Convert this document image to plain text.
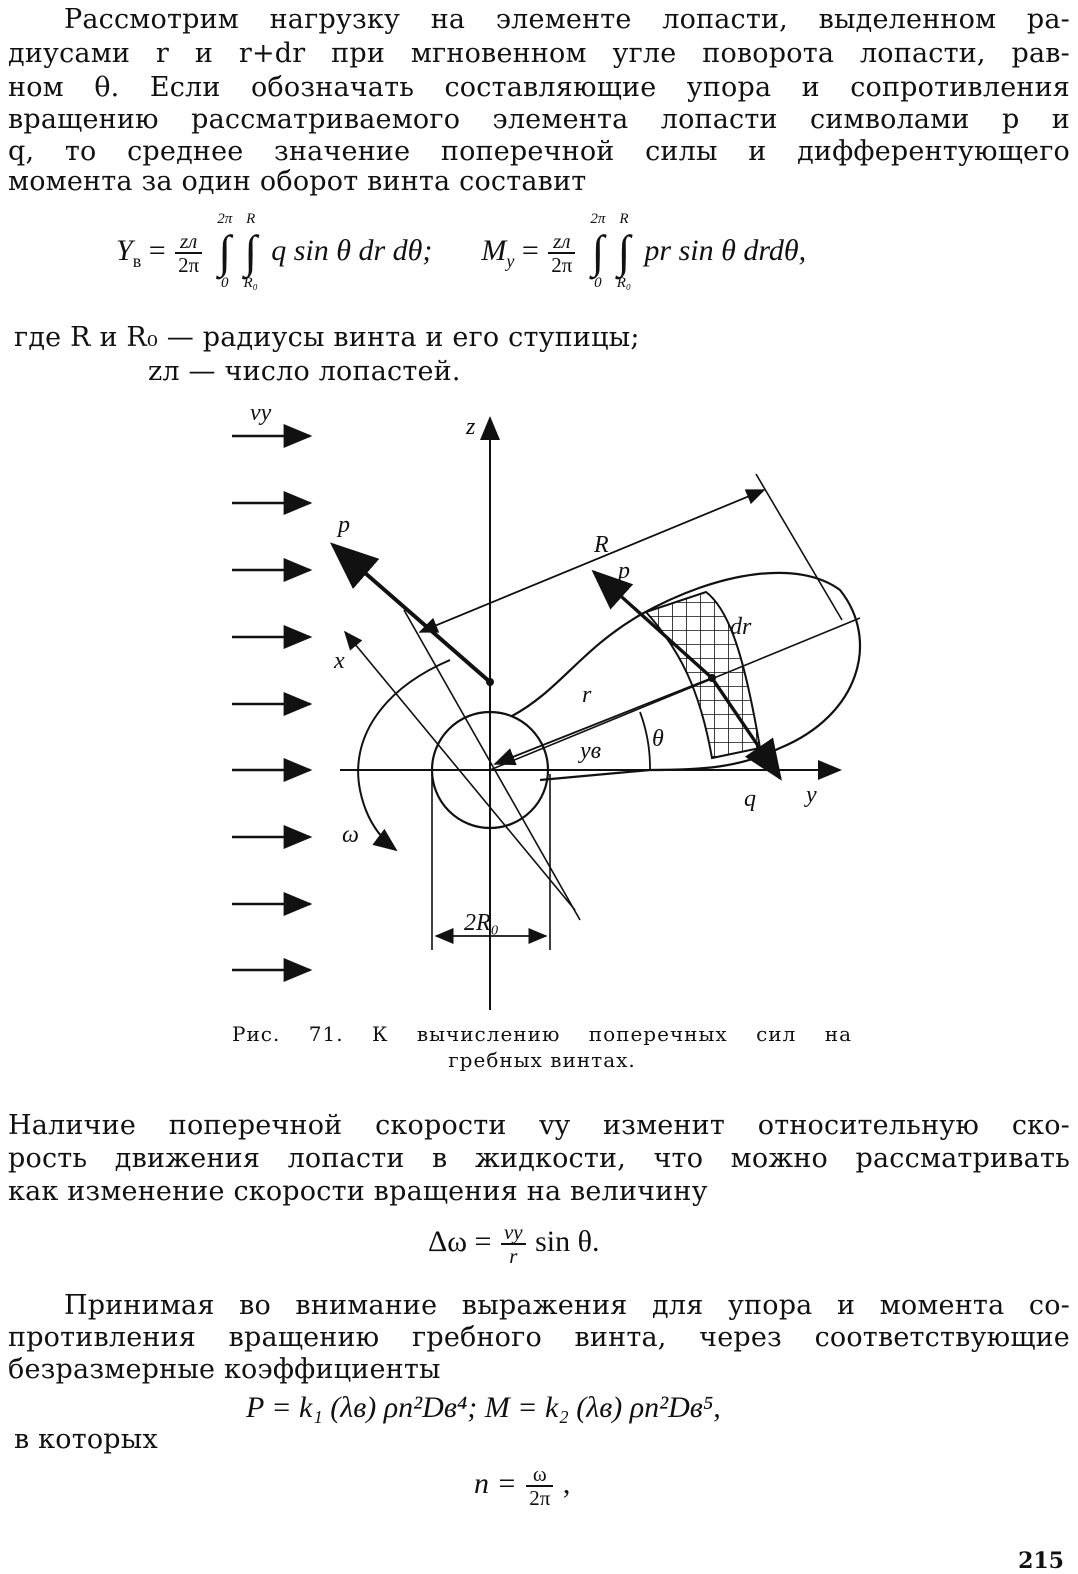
Рассмотрим нагрузку на элементе лопасти, выделенном ра-
диусами r и r+dr при мгновенном угле поворота лопасти, рав-
ном θ. Если обозначать составляющие упора и сопротивления
вращению рассматриваемого элемента лопасти символами p и
q, то среднее значение поперечной силы и дифферентующего
момента за один оборот винта составит
$Y_в = \frac{zл}{2\pi}$

2π
∫
0
R
∫
R₀
q sin θ dr dθ; $M_y = \frac{zл}{2\pi}$

2π
∫
0
R
∫
R₀
pr sin θ drdθ,
где R и R₀ — радиусы винта и его ступицы;
zл — число лопастей.
vy
z
y
x
r
yв θ
R
p
p
q
dr
ω
2R₀
Рис. 71. К вычислению поперечных сил на
гребных винтах.
Наличие поперечной скорости vy изменит относительную ско-
рость движения лопасти в жидкости, что можно рассматривать
как изменение скорости вращения на величину
$\Delta\omega = \frac{vy}{r}$ sin θ.
Принимая во внимание выражения для упора и момента со-
противления вращению гребного винта, через соответствующие
безразмерные коэффициенты
P = k₁ (λв) ρn²Dв⁴; M = k₂ (λв) ρn²Dв⁵,
в которых
$n = \frac{\omega}{2\pi}$ ,
215
